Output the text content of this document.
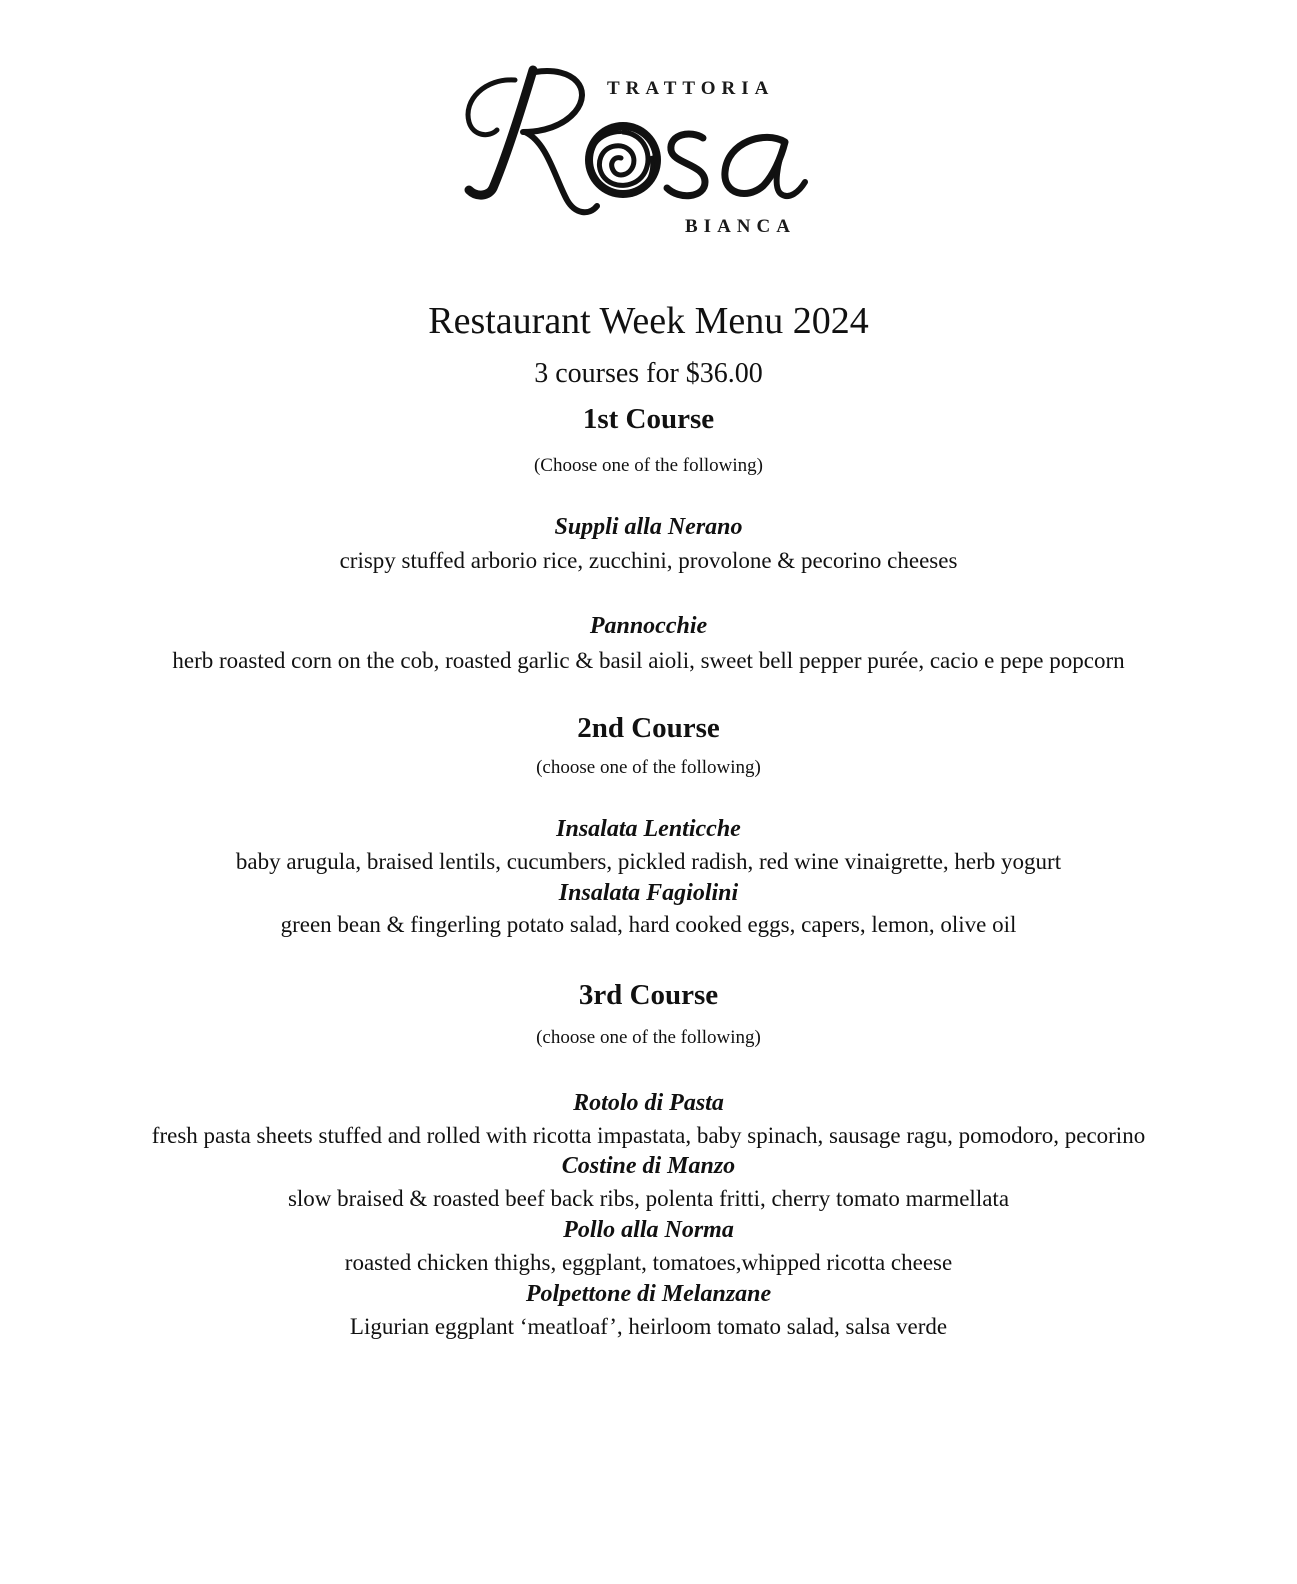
TRATTORIA
BIANCA
Restaurant Week Menu 2024
3 courses for $36.00
1st Course
(Choose one of the following)
Suppli alla Nerano
crispy stuffed arborio rice, zucchini, provolone & pecorino cheeses
Pannocchie
herb roasted corn on the cob, roasted garlic & basil aioli, sweet bell pepper purée, cacio e pepe popcorn
2nd Course
(choose one of the following)
Insalata Lenticche
baby arugula, braised lentils, cucumbers, pickled radish, red wine vinaigrette, herb yogurt
Insalata Fagiolini
green bean & fingerling potato salad, hard cooked eggs, capers, lemon, olive oil
3rd Course
(choose one of the following)
Rotolo di Pasta
fresh pasta sheets stuffed and rolled with ricotta impastata, baby spinach, sausage ragu, pomodoro, pecorino
Costine di Manzo
slow braised & roasted beef back ribs, polenta fritti, cherry tomato marmellata
Pollo alla Norma
roasted chicken thighs, eggplant, tomatoes,whipped ricotta cheese
Polpettone di Melanzane
Ligurian eggplant ‘meatloaf’, heirloom tomato salad, salsa verde
